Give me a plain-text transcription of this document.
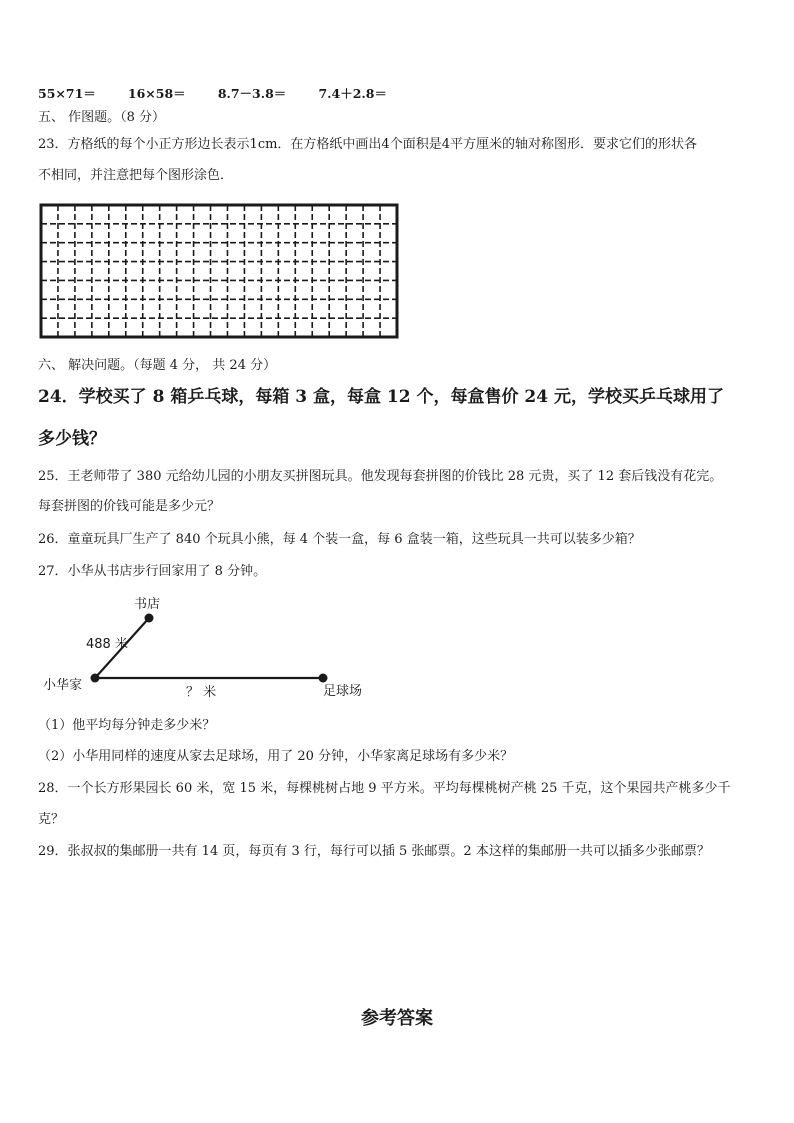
55×71＝	16×58＝	8.7－3.8＝	7.4＋2.8＝
五、 作图题。（8 分）
23．方格纸的每个小正方形边长表示1cm．在方格纸中画出4个面积是4平方厘米的轴对称图形．要求它们的形状各
不相同，并注意把每个图形涂色．
六、 解决问题。（每题 4 分， 共 24 分）
24．学校买了 8 箱乒乓球，每箱 3 盒，每盒 12 个，每盒售价 24 元，学校买乒乓球用了
多少钱？
25．王老师带了 380 元给幼儿园的小朋友买拼图玩具。他发现每套拼图的价钱比 28 元贵，买了 12 套后钱没有花完。
每套拼图的价钱可能是多少元？
26．童童玩具厂生产了 840 个玩具小熊，每 4 个装一盒，每 6 盒装一箱，这些玩具一共可以装多少箱？
27．小华从书店步行回家用了 8 分钟。
书店
488 米
小华家	足球场
？ 米
（1）他平均每分钟走多少米？
（2）小华用同样的速度从家去足球场，用了 20 分钟，小华家离足球场有多少米？
28．一个长方形果园长 60 米，宽 15 米，每棵桃树占地 9 平方米。平均每棵桃树产桃 25 千克，这个果园共产桃多少千
克？
29．张叔叔的集邮册一共有 14 页，每页有 3 行，每行可以插 5 张邮票。2 本这样的集邮册一共可以插多少张邮票？
参考答案
